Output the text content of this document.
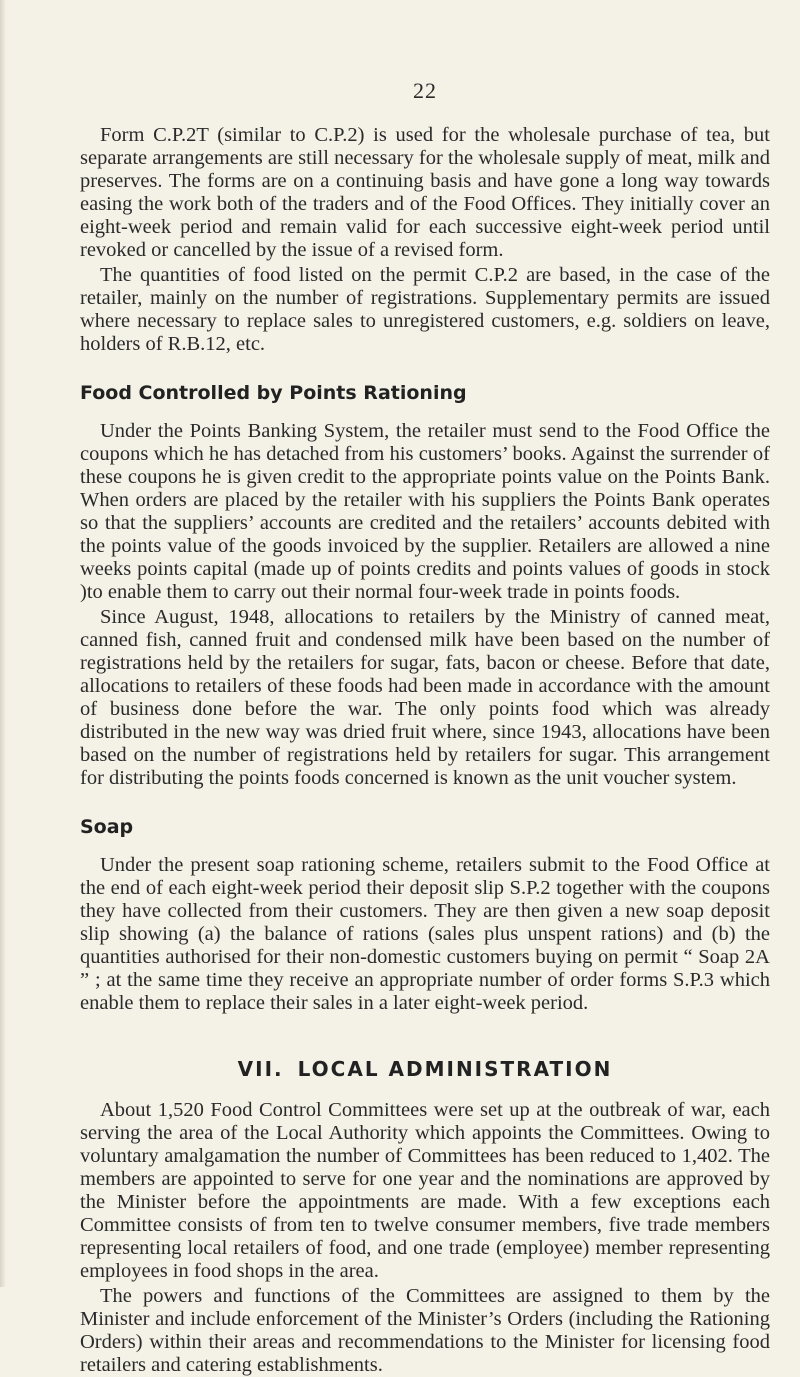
22

Form C.P.2T (similar to C.P.2) is used for the wholesale purchase of tea, but separate arrangements are still necessary for the wholesale supply of meat, milk and preserves. The forms are on a continuing basis and have gone a long way towards easing the work both of the traders and of the Food Offices. They initially cover an eight-week period and remain valid for each successive eight-week period until revoked or cancelled by the issue of a revised form.

The quantities of food listed on the permit C.P.2 are based, in the case of the retailer, mainly on the number of registrations. Supplementary permits are issued where necessary to replace sales to unregistered customers, e.g. soldiers on leave, holders of R.B.12, etc.

Food Controlled by Points Rationing

Under the Points Banking System, the retailer must send to the Food Office the coupons which he has detached from his customers’ books. Against the surrender of these coupons he is given credit to the appropriate points value on the Points Bank. When orders are placed by the retailer with his suppliers the Points Bank operates so that the suppliers’ accounts are credited and the retailers’ accounts debited with the points value of the goods invoiced by the supplier. Retailers are allowed a nine weeks points capital (made up of points credits and points values of goods in stock )to enable them to carry out their normal four-week trade in points foods.

Since August, 1948, allocations to retailers by the Ministry of canned meat, canned fish, canned fruit and condensed milk have been based on the number of registrations held by the retailers for sugar, fats, bacon or cheese. Before that date, allocations to retailers of these foods had been made in accordance with the amount of business done before the war. The only points food which was already distributed in the new way was dried fruit where, since 1943, allocations have been based on the number of registrations held by retailers for sugar. This arrangement for distributing the points foods concerned is known as the unit voucher system.

Soap

Under the present soap rationing scheme, retailers submit to the Food Office at the end of each eight-week period their deposit slip S.P.2 together with the coupons they have collected from their customers. They are then given a new soap deposit slip showing (a) the balance of rations (sales plus unspent rations) and (b) the quantities authorised for their non-domestic customers buying on permit “ Soap 2A ” ; at the same time they receive an appropriate number of order forms S.P.3 which enable them to replace their sales in a later eight-week period.

VII. LOCAL ADMINISTRATION

About 1,520 Food Control Committees were set up at the outbreak of war, each serving the area of the Local Authority which appoints the Committees. Owing to voluntary amalgamation the number of Committees has been reduced to 1,402. The members are appointed to serve for one year and the nominations are approved by the Minister before the appointments are made. With a few exceptions each Committee consists of from ten to twelve consumer members, five trade members representing local retailers of food, and one trade (employee) member representing employees in food shops in the area.

The powers and functions of the Committees are assigned to them by the Minister and include enforcement of the Minister’s Orders (including the Rationing Orders) within their areas and recommendations to the Minister for licensing food retailers and catering establishments.
